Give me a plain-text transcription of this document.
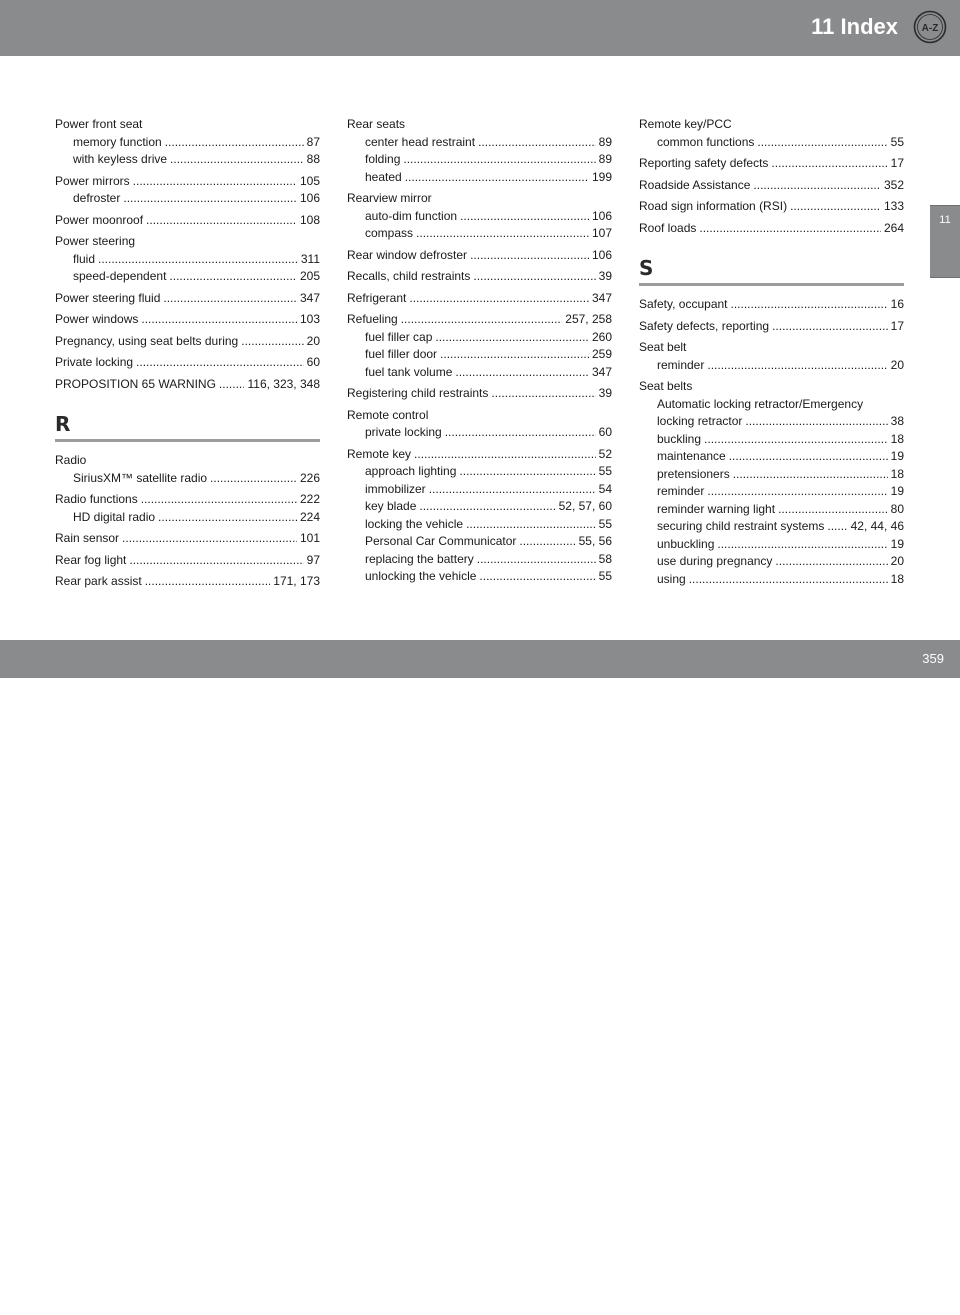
11 Index A-Z
11
Power front seat
memory function .....	87
with keyless drive .....	88
Power mirrors .....	105
defroster .....	106
Power moonroof .....	108
Power steering
fluid .....	311
speed-dependent .....	205
Power steering fluid .....	347
Power windows .....	103
Pregnancy, using seat belts during .....	20
Private locking .....	60
PROPOSITION 65 WARNING .....	116, 323, 348
R
Radio
SiriusXM™ satellite radio .....	226
Radio functions .....	222
HD digital radio .....	224
Rain sensor .....	101
Rear fog light .....	97
Rear park assist .....	171, 173
Rear seats
center head restraint .....	89
folding .....	89
heated .....	199
Rearview mirror
auto-dim function .....	106
compass .....	107
Rear window defroster .....	106
Recalls, child restraints .....	39
Refrigerant .....	347
Refueling .....	257, 258
fuel filler cap .....	260
fuel filler door .....	259
fuel tank volume .....	347
Registering child restraints .....	39
Remote control
private locking .....	60
Remote key .....	52
approach lighting .....	55
immobilizer .....	54
key blade .....	52, 57, 60
locking the vehicle .....	55
Personal Car Communicator .....	55, 56
replacing the battery .....	58
unlocking the vehicle .....	55
Remote key/PCC
common functions .....	55
Reporting safety defects .....	17
Roadside Assistance .....	352
Road sign information (RSI) .....	133
Roof loads .....	264
S
Safety, occupant .....	16
Safety defects, reporting .....	17
Seat belt
reminder .....	20
Seat belts
Automatic locking retractor/Emergency
locking retractor .....	38
buckling .....	18
maintenance .....	19
pretensioners .....	18
reminder .....	19
reminder warning light .....	80
securing child restraint systems ..... 42, 44, 46
unbuckling .....	19
use during pregnancy .....	20
using .....	18
carmanualsonline.info
359
